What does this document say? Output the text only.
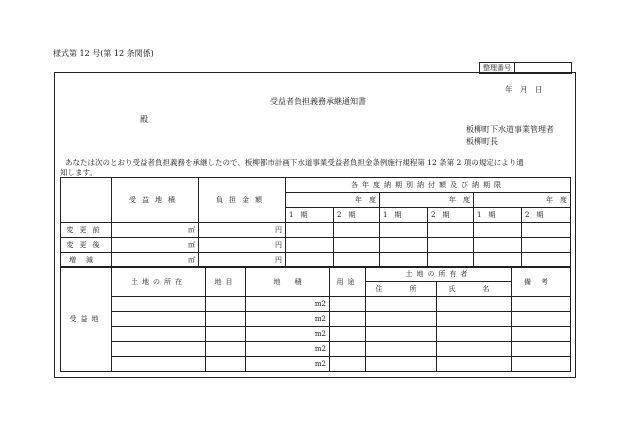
様式第 12 号(第 12 条関係)
整理番号	
年　月　日
受益者負担義務承継通知書
殿
板柳町下水道事業管理者
板柳町長
あなたは次のとおり受益者負担義務を承継したので、板柳都市計画下水道事業受益者負担金条例施行規程第 12 条第 2 項の規定により通
知します。
	受益地積	負担金額	各年度納期別納付額及び納期限					
			年　度		年　度		年　度	
			1　期	2　期	1　期	2　期	1　期	2　期
変更前	㎡	円						
変更後	㎡	円						
増減	㎡	円						
受益地	土地の所在	地目	地　　積	用途	土地の所有者		備考
					住　所	氏　名	
			m2				
			m2				
			m2				
			m2				
			m2				
